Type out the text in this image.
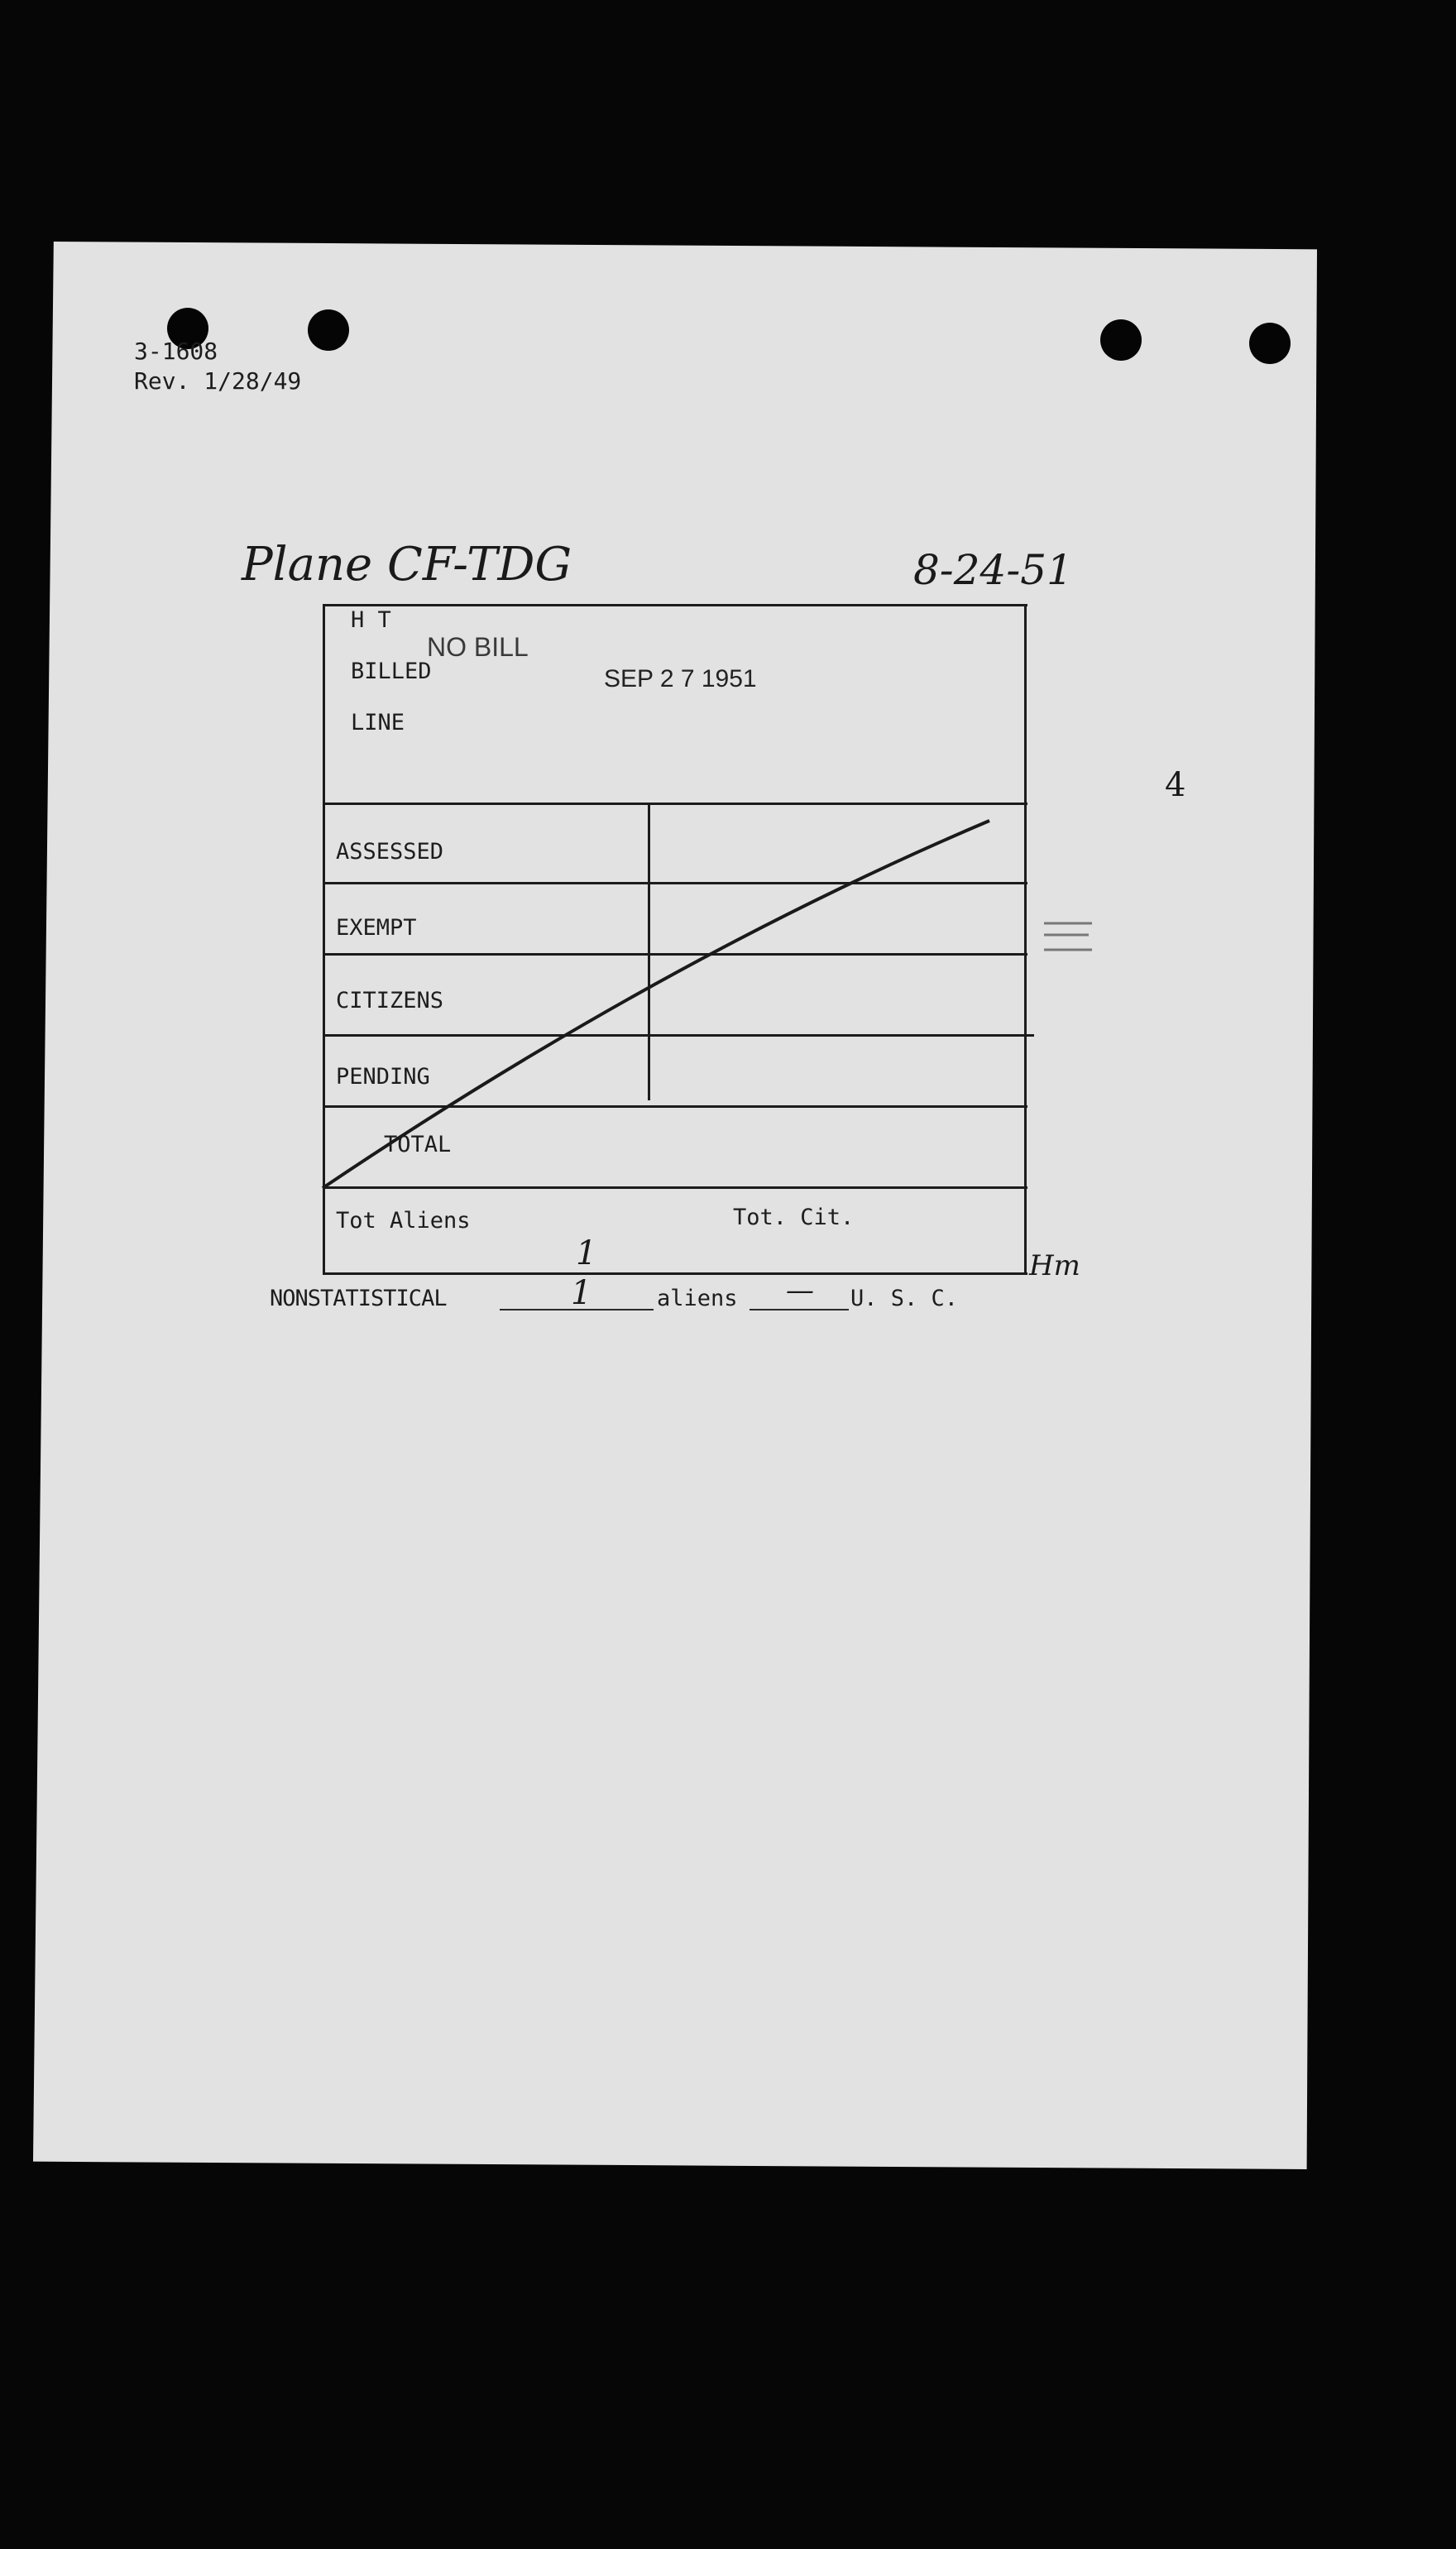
3-1608
Rev. 1/28/49
Plane CF-TDG	8-24-51
4
NO BILL
SEP 2 7 1951
H T
BILLED
LINE
ASSESSED
EXEMPT
CITIZENS
PENDING
TOTAL
Tot Aliens	Tot. Cit.
NONSTATISTICAL
1
1	aliens — U. S. C.
Hm
